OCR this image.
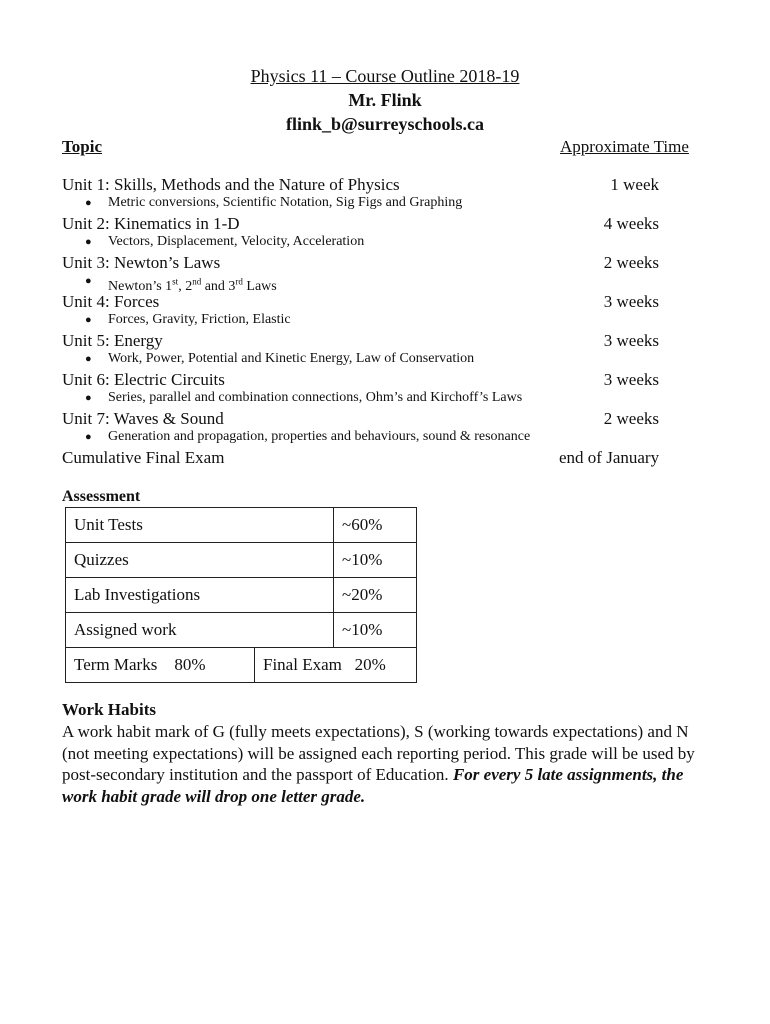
Physics 11 – Course Outline 2018-19
Mr. Flink
flink_b@surreyschools.ca
Topic	Approximate Time
Unit 1: Skills, Methods and the Nature of Physics	1 week
● Metric conversions, Scientific Notation, Sig Figs and Graphing
Unit 2: Kinematics in 1-D	4 weeks
● Vectors, Displacement, Velocity, Acceleration
Unit 3: Newton’s Laws	2 weeks
● Newton’s 1st, 2nd and 3rd Laws
Unit 4: Forces	3 weeks
● Forces, Gravity, Friction, Elastic
Unit 5: Energy	3 weeks
● Work, Power, Potential and Kinetic Energy, Law of Conservation
Unit 6: Electric Circuits	3 weeks
● Series, parallel and combination connections, Ohm’s and Kirchoff’s Laws
Unit 7: Waves & Sound	2 weeks
● Generation and propagation, properties and behaviours, sound & resonance
Cumulative Final Exam	end of January
Assessment
Unit Tests		~60%
Quizzes		~10%
Lab Investigations		~20%
Assigned work		~10%
Term Marks    80%	Final Exam   20%	
Work Habits
A work habit mark of G (fully meets expectations), S (working towards expectations) and N (not meeting expectations) will be assigned each reporting period. This grade will be used by post-secondary institution and the passport of Education. For every 5 late assignments, the work habit grade will drop one letter grade.
